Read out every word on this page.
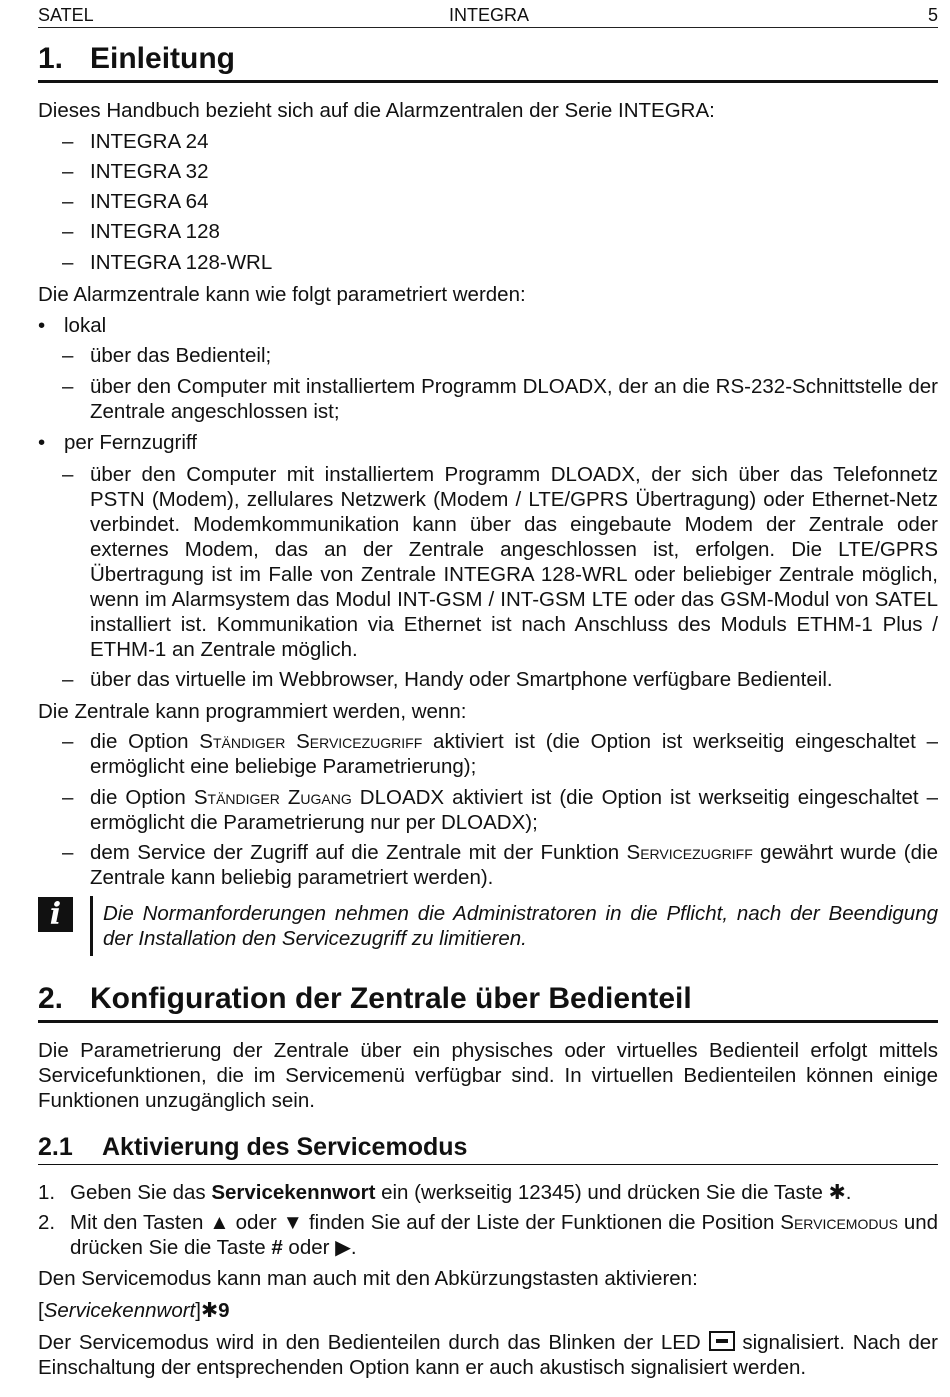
SATEL	INTEGRA	5
1. Einleitung
Dieses Handbuch bezieht sich auf die Alarmzentralen der Serie INTEGRA:
– INTEGRA 24
– INTEGRA 32
– INTEGRA 64
– INTEGRA 128
– INTEGRA 128-WRL
Die Alarmzentrale kann wie folgt parametriert werden:
• lokal
– über das Bedienteil;
– über den Computer mit installiertem Programm DLOADX, der an die RS-232-Schnittstelle der Zentrale angeschlossen ist;
• per Fernzugriff
– über den Computer mit installiertem Programm DLOADX, der sich über das Telefonnetz PSTN (Modem), zellulares Netzwerk (Modem / LTE/GPRS Übertragung) oder Ethernet-Netz verbindet. Modemkommunikation kann über das eingebaute Modem der Zentrale oder externes Modem, das an der Zentrale angeschlossen ist, erfolgen. Die LTE/GPRS Übertragung ist im Falle von Zentrale INTEGRA 128-WRL oder beliebiger Zentrale möglich, wenn im Alarmsystem das Modul INT-GSM / INT-GSM LTE oder das GSM-Modul von SATEL installiert ist. Kommunikation via Ethernet ist nach Anschluss des Moduls ETHM-1 Plus / ETHM-1 an Zentrale möglich.
– über das virtuelle im Webbrowser, Handy oder Smartphone verfügbare Bedienteil.
Die Zentrale kann programmiert werden, wenn:
– die Option Ständiger Servicezugriff aktiviert ist (die Option ist werkseitig eingeschaltet – ermöglicht eine beliebige Parametrierung);
– die Option Ständiger Zugang DLOADX aktiviert ist (die Option ist werkseitig eingeschaltet – ermöglicht die Parametrierung nur per DLOADX);
– dem Service der Zugriff auf die Zentrale mit der Funktion Servicezugriff gewährt wurde (die Zentrale kann beliebig parametriert werden).
i	Die Normanforderungen nehmen die Administratoren in die Pflicht, nach der Beendigung der Installation den Servicezugriff zu limitieren.
2. Konfiguration der Zentrale über Bedienteil
Die Parametrierung der Zentrale über ein physisches oder virtuelles Bedienteil erfolgt mittels Servicefunktionen, die im Servicemenü verfügbar sind. In virtuellen Bedienteilen können einige Funktionen unzugänglich sein.
2.1 Aktivierung des Servicemodus
1. Geben Sie das Servicekennwort ein (werkseitig 12345) und drücken Sie die Taste ✱.
2. Mit den Tasten ▲ oder ▼ finden Sie auf der Liste der Funktionen die Position Servicemodus und drücken Sie die Taste # oder ▶.
Den Servicemodus kann man auch mit den Abkürzungstasten aktivieren:
[Servicekennwort]✱9
Der Servicemodus wird in den Bedienteilen durch das Blinken der LED  signalisiert. Nach der Einschaltung der entsprechenden Option kann er auch akustisch signalisiert werden.
